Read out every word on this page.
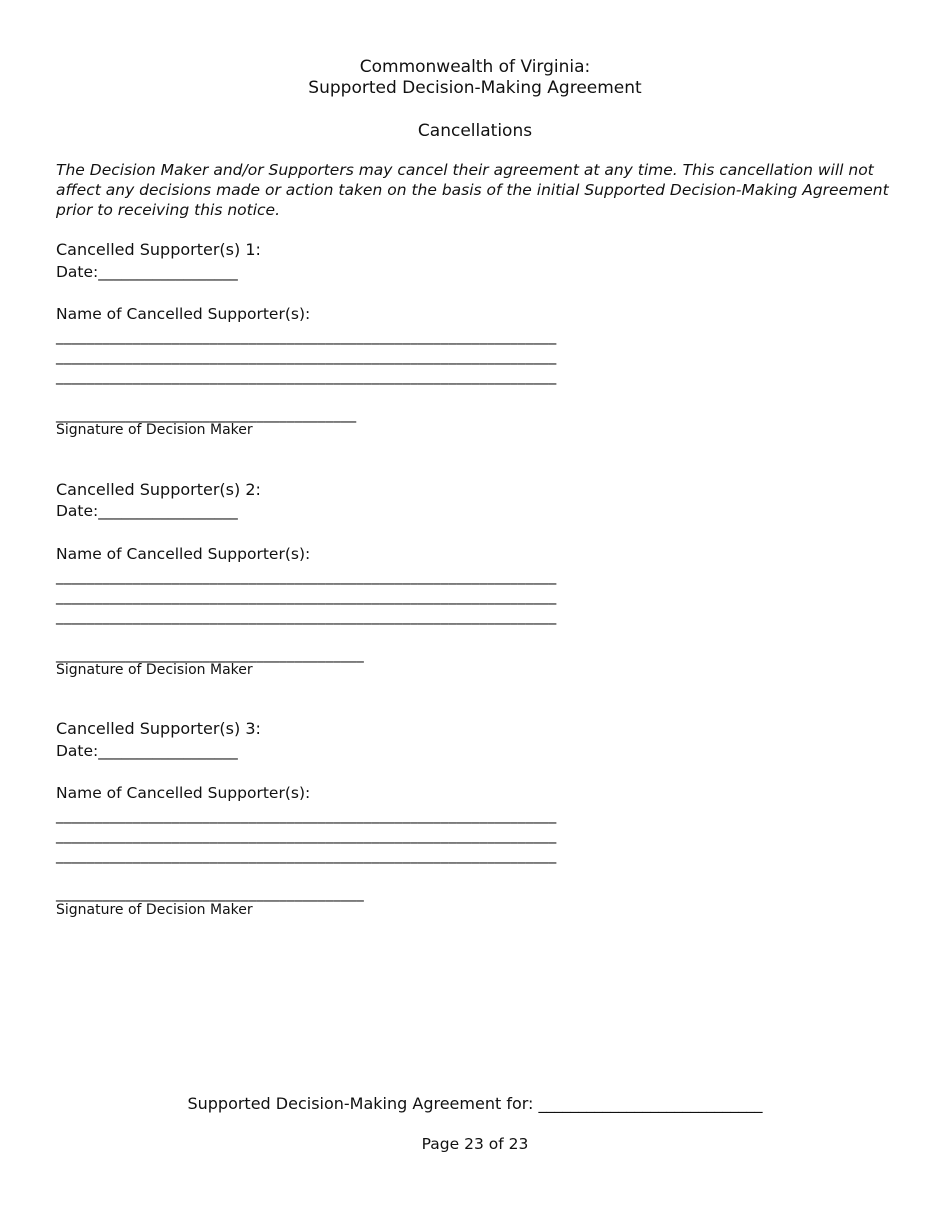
Commonwealth of Virginia:
Supported Decision-Making Agreement
Cancellations
The Decision Maker and/or Supporters may cancel their agreement at any time. This cancellation will not affect any decisions made or action taken on the basis of the initial Supported Decision-Making Agreement prior to receiving this notice.
Cancelled Supporter(s) 1:
Date:__________________
Name of Cancelled Supporter(s):
_________________________________________________________________
_________________________________________________________________
_________________________________________________________________
_______________________________________
Signature of Decision Maker
Cancelled Supporter(s) 2:
Date:__________________
Name of Cancelled Supporter(s):
_________________________________________________________________
_________________________________________________________________
_________________________________________________________________
________________________________________
Signature of Decision Maker
Cancelled Supporter(s) 3:
Date:__________________
Name of Cancelled Supporter(s):
_________________________________________________________________
_________________________________________________________________
_________________________________________________________________
________________________________________
Signature of Decision Maker
Supported Decision-Making Agreement for: ____________________________
Page 23 of 23
